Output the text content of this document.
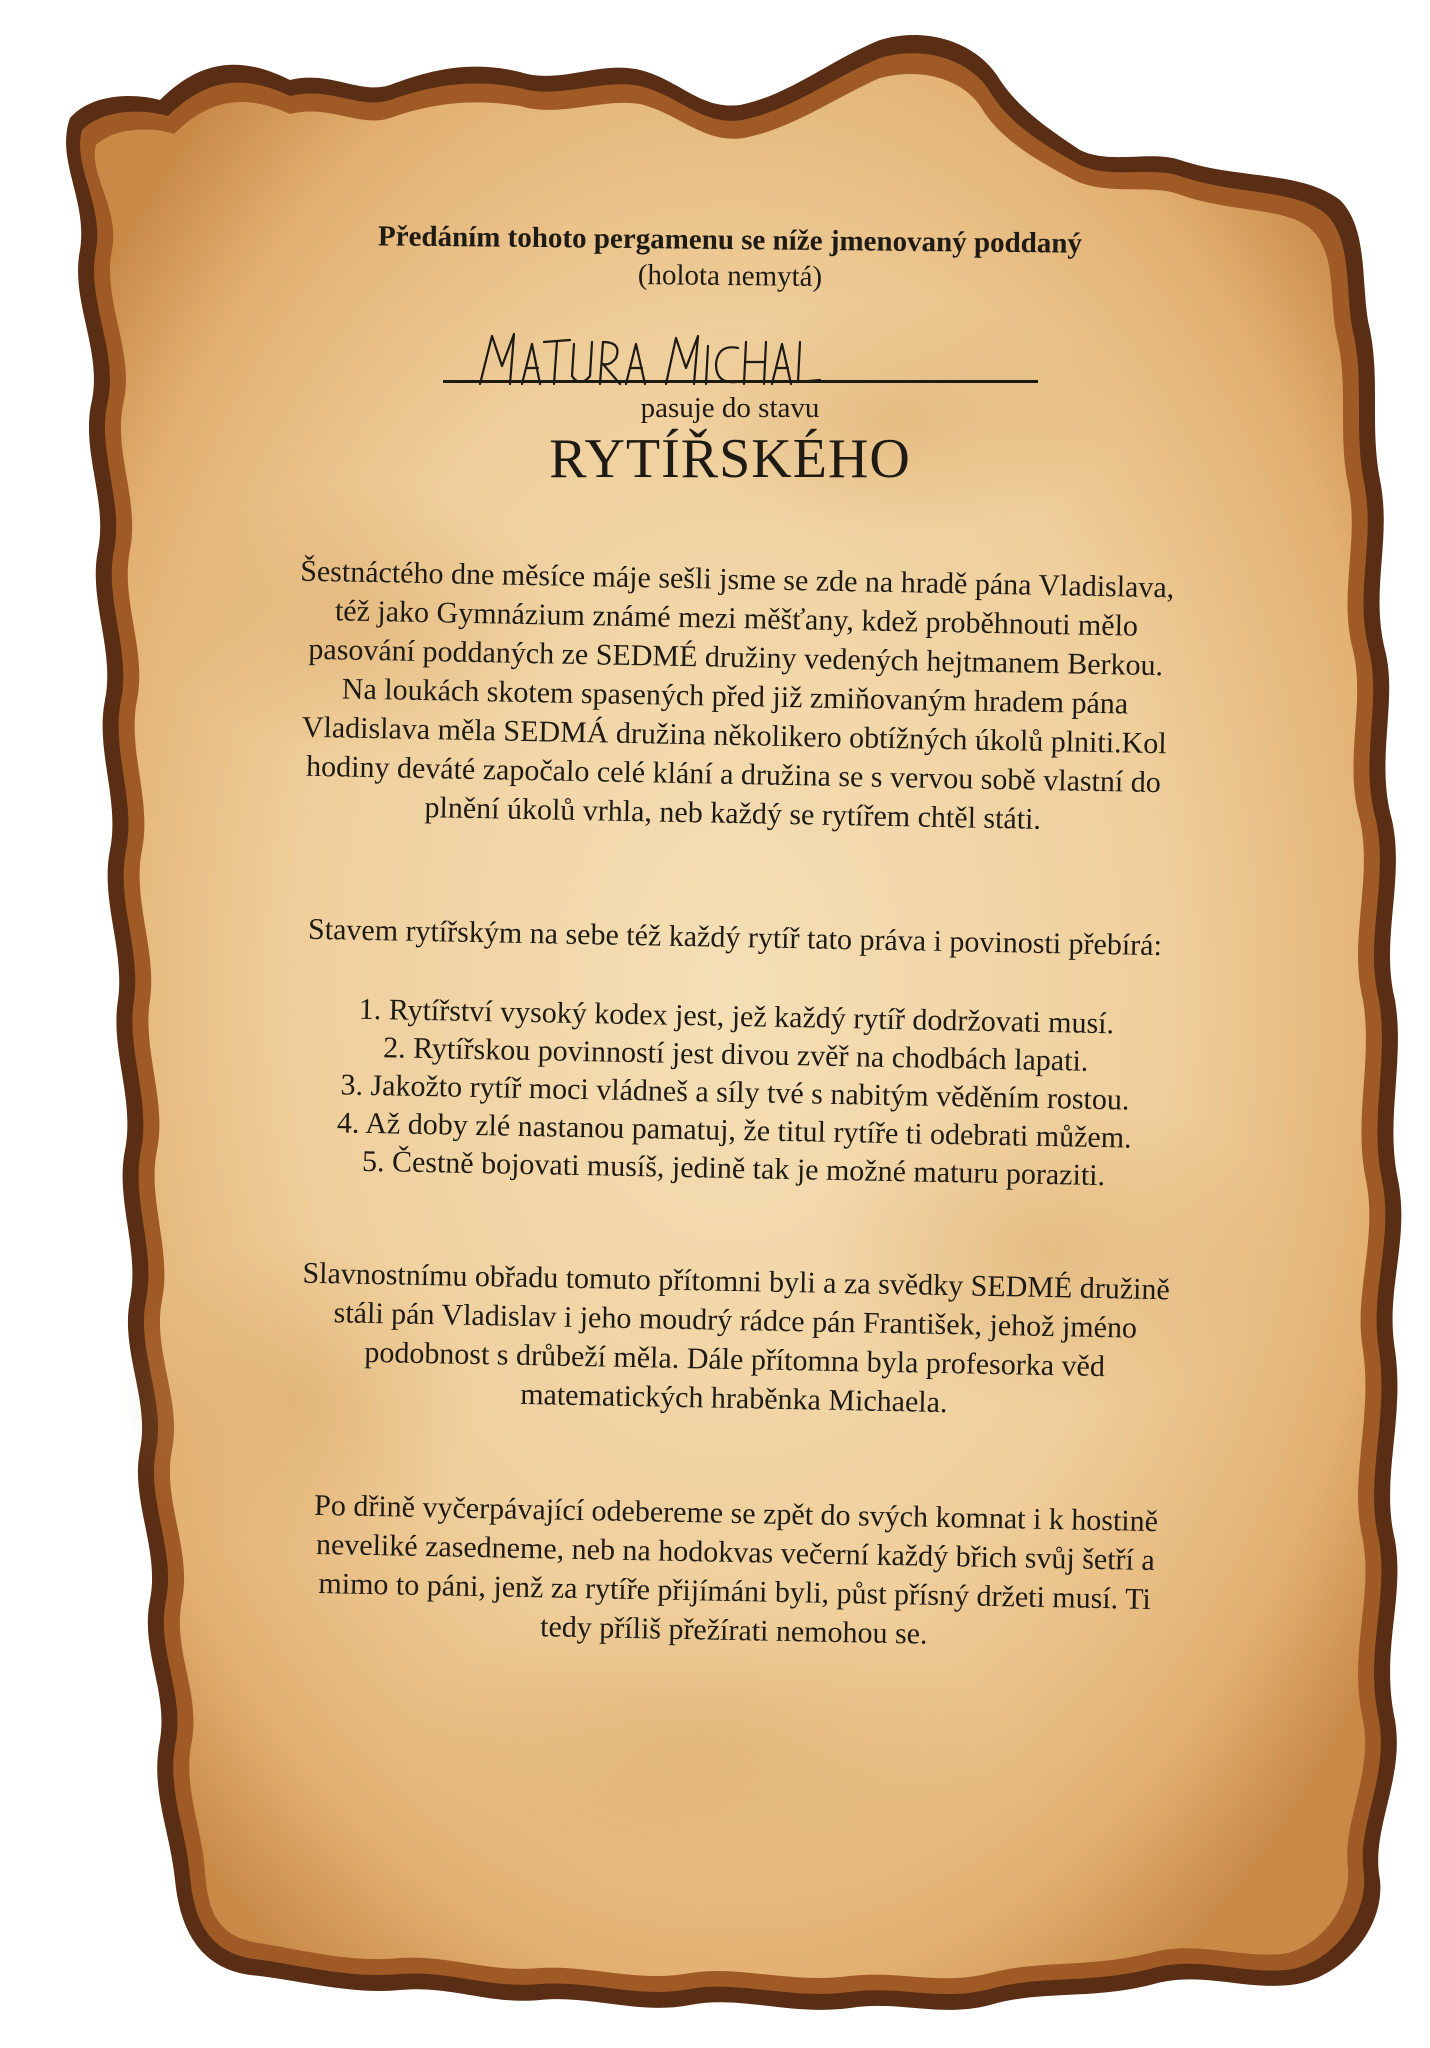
Předáním tohoto pergamenu se níže jmenovaný poddaný
(holota nemytá)
pasuje do stavu
RYTÍŘSKÉHO
Šestnáctého dne měsíce máje sešli jsme se zde na hradě pána Vladislava,
též jako Gymnázium známé mezi měšťany, kdež proběhnouti mělo
pasování poddaných ze SEDMÉ družiny vedených hejtmanem Berkou.
Na loukách skotem spasených před již zmiňovaným hradem pána
Vladislava měla SEDMÁ družina několikero obtížných úkolů plniti.Kol
hodiny deváté započalo celé klání a družina se s vervou sobě vlastní do
plnění úkolů vrhla, neb každý se rytířem chtěl státi.
Stavem rytířským na sebe též každý rytíř tato práva i povinosti přebírá:
1. Rytířství vysoký kodex jest, jež každý rytíř dodržovati musí.
2. Rytířskou povinností jest divou zvěř na chodbách lapati.
3. Jakožto rytíř moci vládneš a síly tvé s nabitým věděním rostou.
4. Až doby zlé nastanou pamatuj, že titul rytíře ti odebrati můžem.
5. Čestně bojovati musíš, jedině tak je možné maturu poraziti.
Slavnostnímu obřadu tomuto přítomni byli a za svědky SEDMÉ družině
stáli pán Vladislav i jeho moudrý rádce pán František, jehož jméno
podobnost s drůbeží měla. Dále přítomna byla profesorka věd
matematických hraběnka Michaela.
Po dřině vyčerpávající odebereme se zpět do svých komnat i k hostině
nevelik​é zasedneme, neb na hodokvas večerní každý břich svůj šetří a
mimo to páni, jenž za rytíře přijímáni byli, půst přísný držeti musí. Ti
tedy příliš přežírati nemohou se.
